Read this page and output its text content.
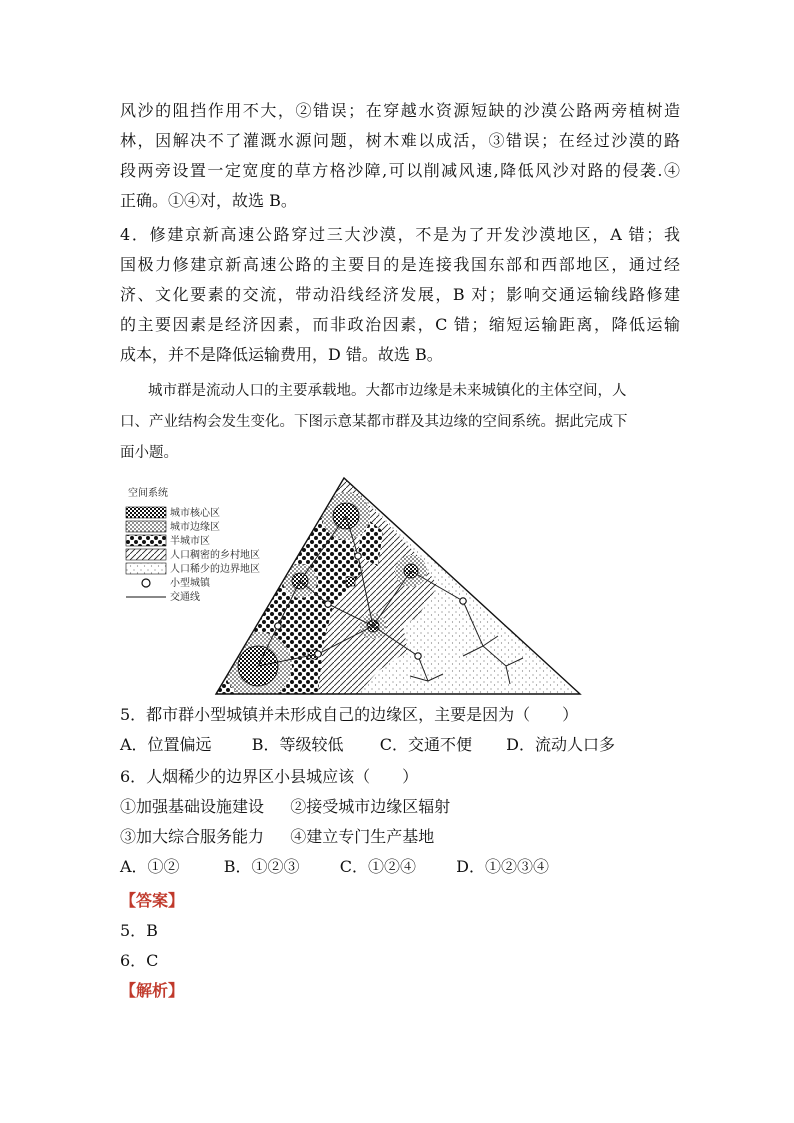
风沙的阻挡作用不大，②错误；在穿越水资源短缺的沙漠公路两旁植树造
林，因解决不了灌溉水源问题，树木难以成活，③错误；在经过沙漠的路
段两旁设置一定宽度的草方格沙障,可以削减风速,降低风沙对路的侵袭.④
正确。①④对，故选 B。
4．修建京新高速公路穿过三大沙漠，不是为了开发沙漠地区，A 错；我
国极力修建京新高速公路的主要目的是连接我国东部和西部地区，通过经
济、文化要素的交流，带动沿线经济发展，B 对；影响交通运输线路修建
的主要因素是经济因素，而非政治因素，C 错；缩短运输距离，降低运输
成本，并不是降低运输费用，D 错。故选 B。
城市群是流动人口的主要承载地。大都市边缘是未来城镇化的主体空间，人
口、产业结构会发生变化。下图示意某都市群及其边缘的空间系统。据此完成下
面小题。
空间系统
城市核心区
城市边缘区
半城市区
人口稠密的乡村地区
人口稀少的边界地区
小型城镇
交通线
5．都市群小型城镇并未形成自己的边缘区，主要是因为（　　）
A．位置偏远	B．等级较低 C．交通不便 D．流动人口多
6．人烟稀少的边界区小县城应该（　　）
①加强基础设施建设 ②接受城市边缘区辐射
③加大综合服务能力 ④建立专门生产基地
A．①②	B．①②③	C．①②④	D．①②③④
【答案】
5．B
6．C
【解析】
